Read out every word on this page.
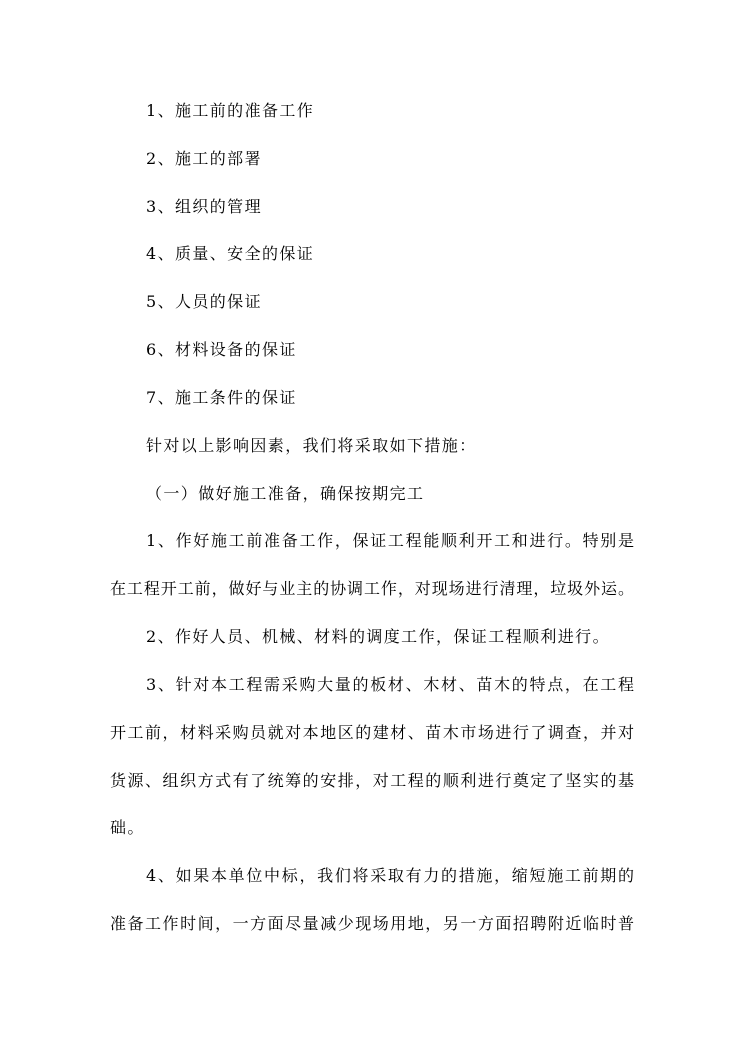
1、施工前的准备工作
2、施工的部署
3、组织的管理
4、质量、安全的保证
5、人员的保证
6、材料设备的保证
7、施工条件的保证
针对以上影响因素，我们将采取如下措施：
（一）做好施工准备，确保按期完工
1、作好施工前准备工作，保证工程能顺利开工和进行。特别是
在工程开工前，做好与业主的协调工作，对现场进行清理，垃圾外运。
2、作好人员、机械、材料的调度工作，保证工程顺利进行。
3、针对本工程需采购大量的板材、木材、苗木的特点，在工程
开工前，材料采购员就对本地区的建材、苗木市场进行了调查，并对
货源、组织方式有了统筹的安排，对工程的顺利进行奠定了坚实的基
础。
4、如果本单位中标，我们将采取有力的措施，缩短施工前期的
准备工作时间，一方面尽量减少现场用地，另一方面招聘附近临时普
